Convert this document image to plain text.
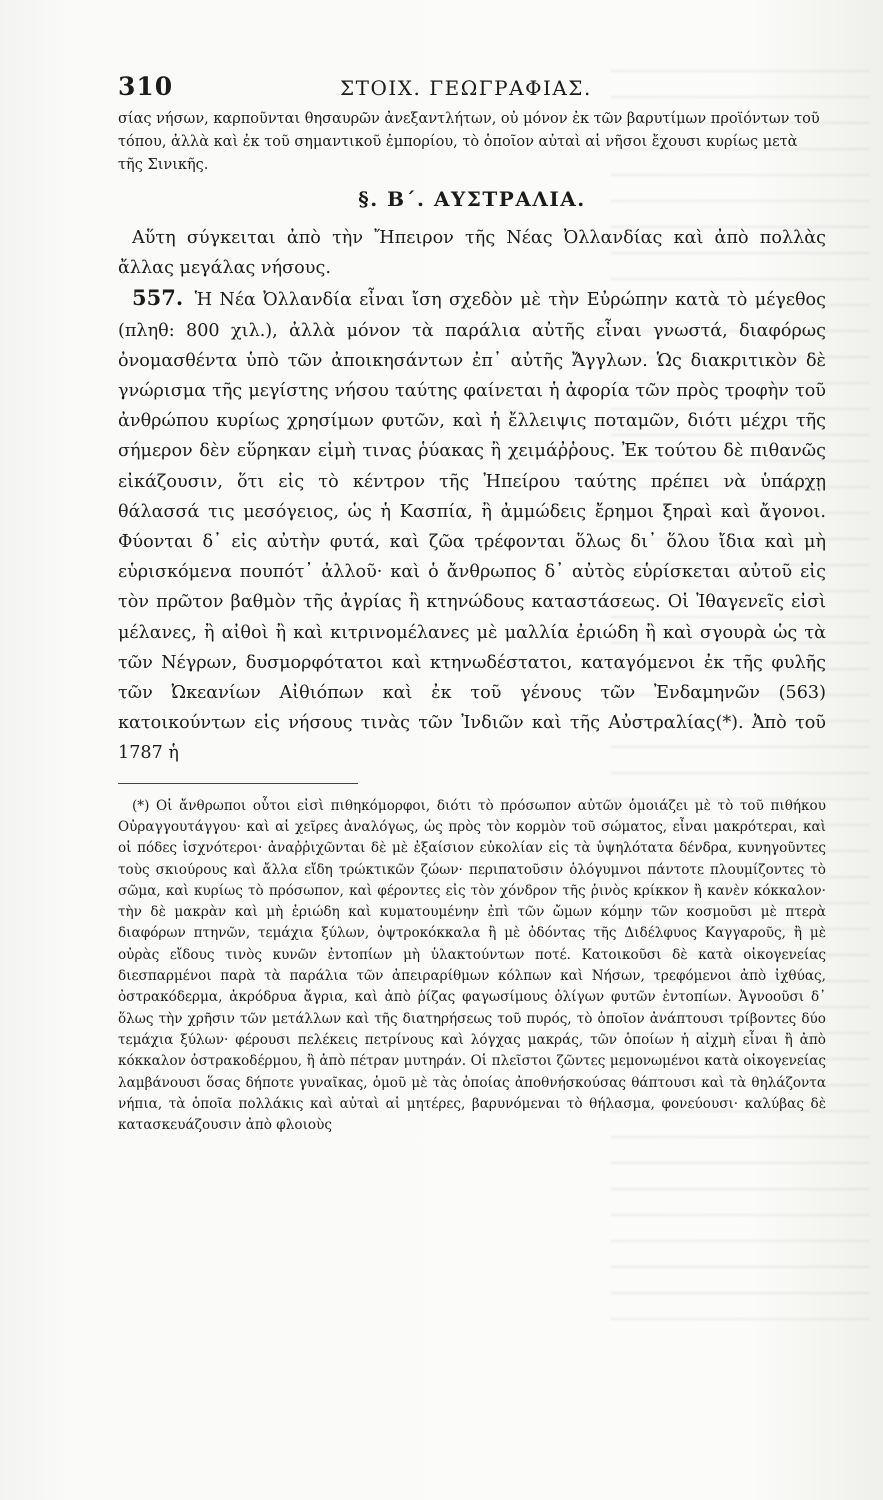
310	ΣΤΟΙΧ. ΓΕΩΓΡΑΦΙΑΣ.

σίας νήσων, καρποῦνται θησαυρῶν ἀνεξαντλήτων, οὐ μόνον ἐκ τῶν βαρυτίμων προϊόντων τοῦ τόπου, ἀλλὰ καὶ ἐκ τοῦ σημαντικοῦ ἐμπορίου, τὸ ὁποῖον αὐταὶ αἱ νῆσοι ἔχουσι κυρίως μετὰ τῆς Σινικῆς.

§. Β΄. ΑΥΣΤΡΑΛΙΑ.

Αὕτη σύγκειται ἀπὸ τὴν Ἤπειρον τῆς Νέας Ὀλλανδίας καὶ ἀπὸ πολλὰς ἄλλας μεγάλας νήσους.

557. Ἡ Νέα Ὀλλανδία εἶναι ἴση σχεδὸν μὲ τὴν Εὐρώπην κατὰ τὸ μέγεθος (πληθ: 800 χιλ.), ἀλλὰ μόνον τὰ παράλια αὐτῆς εἶναι γνωστά, διαφόρως ὀνομασθέντα ὑπὸ τῶν ἀποικησάντων ἐπ᾽ αὐτῆς Ἄγγλων. Ὡς διακριτικὸν δὲ γνώρισμα τῆς μεγίστης νήσου ταύτης φαίνεται ἡ ἀφορία τῶν πρὸς τροφὴν τοῦ ἀνθρώπου κυρίως χρησίμων φυτῶν, καὶ ἡ ἔλλειψις ποταμῶν, διότι μέχρι τῆς σήμερον δὲν εὕρηκαν εἰμὴ τινας ῥύακας ἢ χειμάῤῥους. Ἐκ τούτου δὲ πιθανῶς εἰκάζουσιν, ὅτι εἰς τὸ κέντρον τῆς Ἠπείρου ταύτης πρέπει νὰ ὑπάρχῃ θάλασσά τις μεσόγειος, ὡς ἡ Κασπία, ἢ ἀμμώδεις ἔρημοι ξηραὶ καὶ ἄγονοι. Φύονται δ᾽ εἰς αὐτὴν φυτά, καὶ ζῶα τρέφονται ὅλως δι᾽ ὅλου ἴδια καὶ μὴ εὑρισκόμενα πουπότ᾽ ἀλλοῦ· καὶ ὁ ἄνθρωπος δ᾽ αὐτὸς εὑρίσκεται αὐτοῦ εἰς τὸν πρῶτον βαθμὸν τῆς ἀγρίας ἢ κτηνώδους καταστάσεως. Οἱ Ἰθαγενεῖς εἰσὶ μέλανες, ἢ αἰθοὶ ἢ καὶ κιτρινομέλανες μὲ μαλλία ἐριώδη ἢ καὶ σγουρὰ ὡς τὰ τῶν Νέγρων, δυσμορφότατοι καὶ κτηνωδέστατοι, καταγόμενοι ἐκ τῆς φυλῆς τῶν Ὠκεανίων Αἰθιόπων καὶ ἐκ τοῦ γένους τῶν Ἐνδαμηνῶν (563) κατοικούντων εἰς νήσους τινὰς τῶν Ἰνδιῶν καὶ τῆς Αὐστραλίας(*). Ἀπὸ τοῦ 1787 ἡ

(*) Οἱ ἄνθρωποι οὗτοι εἰσὶ πιθηκόμορφοι, διότι τὸ πρόσωπον αὐτῶν ὁμοιάζει μὲ τὸ τοῦ πιθήκου Οὐραγγουτάγγου· καὶ αἱ χεῖρες ἀναλόγως, ὡς πρὸς τὸν κορμὸν τοῦ σώματος, εἶναι μακρότεραι, καὶ οἱ πόδες ἰσχνότεροι· ἀναῤῥιχῶνται δὲ μὲ ἐξαίσιον εὐκολίαν εἰς τὰ ὑψηλότατα δένδρα, κυνηγοῦντες τοὺς σκιούρους καὶ ἄλλα εἴδη τρώκτικῶν ζώων· περιπατοῦσιν ὁλόγυμνοι πάντοτε πλουμίζοντες τὸ σῶμα, καὶ κυρίως τὸ πρόσωπον, καὶ φέροντες εἰς τὸν χόνδρον τῆς ῥινὸς κρίκκον ἢ κανὲν κόκκαλον· τὴν δὲ μακρὰν καὶ μὴ ἐριώδη καὶ κυματουμένην ἐπὶ τῶν ὤμων κόμην τῶν κοσμοῦσι μὲ πτερὰ διαφόρων πτηνῶν, τεμάχια ξύλων, ὀψτροκόκκαλα ἢ μὲ ὀδόντας τῆς Διδέλφυος Καγγαροῦς, ἢ μὲ οὐρὰς εἴδους τινὸς κυνῶν ἐντοπίων μὴ ὑλακτούντων ποτέ. Κατοικοῦσι δὲ κατὰ οἰκογενείας διεσπαρμένοι παρὰ τὰ παράλια τῶν ἀπειραρίθμων κόλπων καὶ Νήσων, τρεφόμενοι ἀπὸ ἰχθύας, ὀστρακόδερμα, ἀκρόδρυα ἄγρια, καὶ ἀπὸ ῥίζας φαγωσίμους ὀλίγων φυτῶν ἐντοπίων. Ἀγνοοῦσι δ᾽ ὅλως τὴν χρῆσιν τῶν μετάλλων καὶ τῆς διατηρήσεως τοῦ πυρός, τὸ ὁποῖον ἀνάπτουσι τρίβοντες δύο τεμάχια ξύλων· φέρουσι πελέκεις πετρίνους καὶ λόγχας μακράς, τῶν ὁποίων ἡ αἰχμὴ εἶναι ἢ ἀπὸ κόκκαλον ὀστρακοδέρμου, ἢ ἀπὸ πέτραν μυτηράν. Οἱ πλεῖστοι ζῶντες μεμονωμένοι κατὰ οἰκογενείας λαμβάνουσι ὅσας δήποτε γυναῖκας, ὁμοῦ μὲ τὰς ὁποίας ἀποθνήσκούσας θάπτουσι καὶ τὰ θηλάζοντα νήπια, τὰ ὁποῖα πολλάκις καὶ αὐταὶ αἱ μητέρες, βαρυνόμεναι τὸ θήλασμα, φονεύουσι· καλύβας δὲ κατασκευάζουσιν ἀπὸ φλοιοὺς
